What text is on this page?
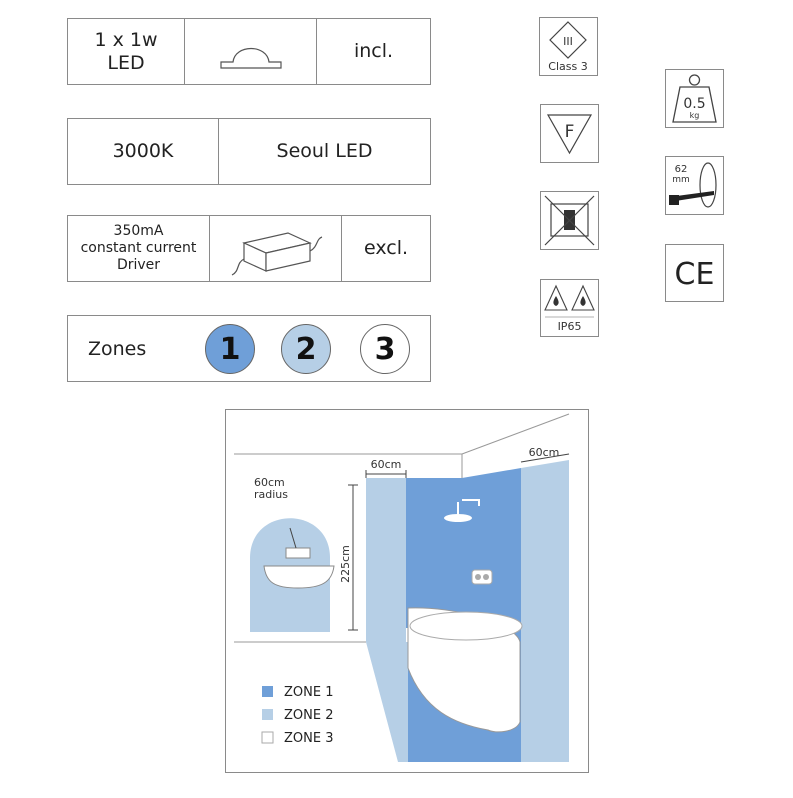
1 x 1w
LED
incl.
3000K	Seoul LED
350mA
constant current
Driver
excl.
Zones 1 2 3
III
Class 3
F
IP65
0.5
kg
62
mm
CE
225cm
60cm
60cm
60cm
radius
ZONE 1
ZONE 2
ZONE 3
